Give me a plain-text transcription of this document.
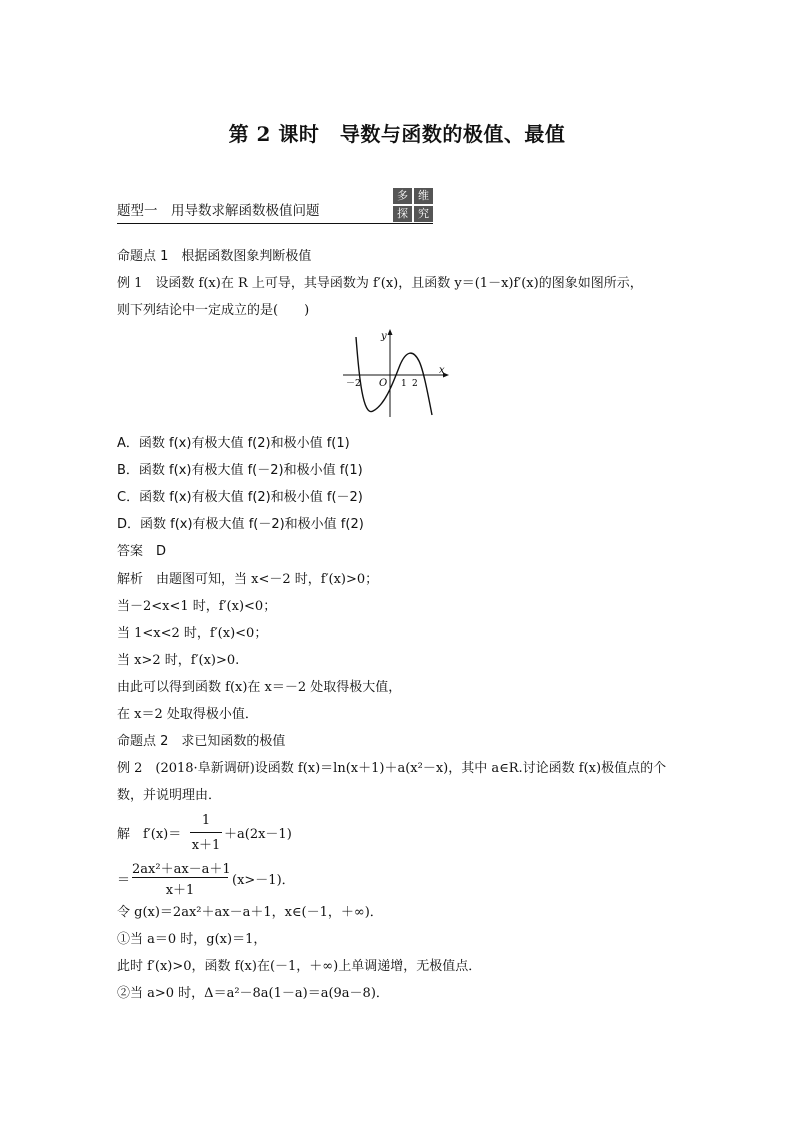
第 2 课时　导数与函数的极值、最值
题型一　用导数求解函数极值问题
多 维
探 究
命题点 1　根据函数图象判断极值
例 1　设函数 f(x)在 R 上可导，其导函数为 f′(x)，且函数 y＝(1－x)f′(x)的图象如图所示，
则下列结论中一定成立的是(　　)
y
x
O
－2	1 2
A．函数 f(x)有极大值 f(2)和极小值 f(1)
B．函数 f(x)有极大值 f(－2)和极小值 f(1)
C．函数 f(x)有极大值 f(2)和极小值 f(－2)
D．函数 f(x)有极大值 f(－2)和极小值 f(2)
答案　D
解析　由题图可知，当 x<－2 时，f′(x)>0；
当－2<x<1 时，f′(x)<0；
当 1<x<2 时，f′(x)<0；
当 x>2 时，f′(x)>0.
由此可以得到函数 f(x)在 x＝－2 处取得极大值，
在 x＝2 处取得极小值．
命题点 2　求已知函数的极值
例 2　(2018·阜新调研)设函数 f(x)＝ln(x＋1)＋a(x²－x)，其中 a∈R.讨论函数 f(x)极值点的个
数，并说明理由．
解　f′(x)＝
1
x＋1
＋a(2x－1)
＝
2ax²＋ax－a＋1
x＋1
(x>－1)．
令 g(x)＝2ax²＋ax－a＋1，x∈(－1，＋∞)．
①当 a＝0 时，g(x)＝1，
此时 f′(x)>0，函数 f(x)在(－1，＋∞)上单调递增，无极值点．
②当 a>0 时，Δ＝a²－8a(1－a)＝a(9a－8)．
